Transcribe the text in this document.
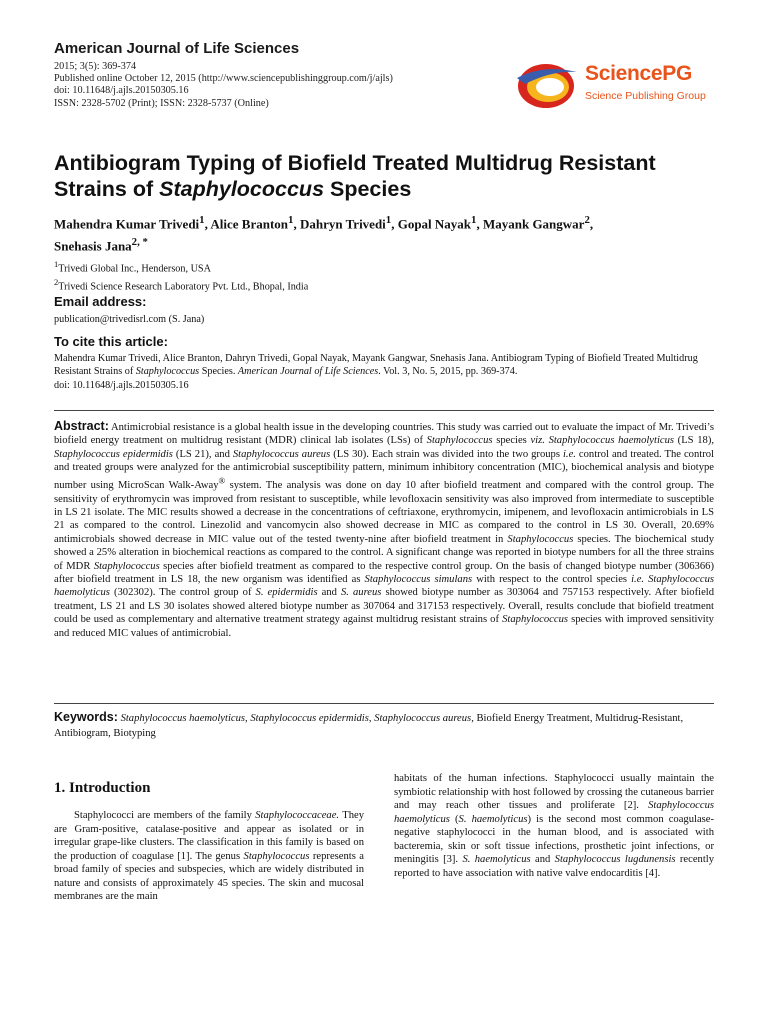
American Journal of Life Sciences
2015; 3(5): 369-374
Published online October 12, 2015 (http://www.sciencepublishinggroup.com/j/ajls)
doi: 10.11648/j.ajls.20150305.16
ISSN: 2328-5702 (Print); ISSN: 2328-5737 (Online)
SciencePG
Science Publishing Group
Antibiogram Typing of Biofield Treated Multidrug Resistant
Strains of Staphylococcus Species
Mahendra Kumar Trivedi$^1$, Alice Branton$^1$, Dahryn Trivedi$^1$, Gopal Nayak$^1$, Mayank Gangwar$^2$,
Snehasis Jana$^{2, *}$
$^1$Trivedi Global Inc., Henderson, USA
$^2$Trivedi Science Research Laboratory Pvt. Ltd., Bhopal, India
Email address:
publication@trivedisrl.com (S. Jana)
To cite this article:
Mahendra Kumar Trivedi, Alice Branton, Dahryn Trivedi, Gopal Nayak, Mayank Gangwar, Snehasis Jana. Antibiogram Typing of Biofield Treated Multidrug Resistant Strains of Staphylococcus Species. American Journal of Life Sciences. Vol. 3, No. 5, 2015, pp. 369-374.
doi: 10.11648/j.ajls.20150305.16
Abstract: Antimicrobial resistance is a global health issue in the developing countries. This study was carried out to evaluate the impact of Mr. Trivedi’s biofield energy treatment on multidrug resistant (MDR) clinical lab isolates (LSs) of Staphylococcus species viz. Staphylococcus haemolyticus (LS 18), Staphylococcus epidermidis (LS 21), and Staphylococcus aureus (LS 30). Each strain was divided into the two groups i.e. control and treated. The control and treated groups were analyzed for the antimicrobial susceptibility pattern, minimum inhibitory concentration (MIC), biochemical analysis and biotype number using MicroScan Walk-Away® system. The analysis was done on day 10 after biofield treatment and compared with the control group. The sensitivity of erythromycin was improved from resistant to susceptible, while levofloxacin sensitivity was also improved from intermediate to susceptible in LS 21 isolate. The MIC results showed a decrease in the concentrations of ceftriaxone, erythromycin, imipenem, and levofloxacin antimicrobials in LS 21 as compared to the control. Linezolid and vancomycin also showed decrease in MIC as compared to the control in LS 30. Overall, 20.69% antimicrobials showed decrease in MIC value out of the tested twenty-nine after biofield treatment in Staphylococcus species. The biochemical study showed a 25% alteration in biochemical reactions as compared to the control. A significant change was reported in biotype numbers for all the three strains of MDR Staphylococcus species after biofield treatment as compared to the respective control group. On the basis of changed biotype number (306366) after biofield treatment in LS 18, the new organism was identified as Staphylococcus simulans with respect to the control species i.e. Staphylococcus haemolyticus (302302). The control group of S. epidermidis and S. aureus showed biotype number as 303064 and 757153 respectively. After biofield treatment, LS 21 and LS 30 isolates showed altered biotype number as 307064 and 317153 respectively. Overall, results conclude that biofield treatment could be used as complementary and alternative treatment strategy against multidrug resistant strains of Staphylococcus species with improved sensitivity and reduced MIC values of antimicrobial.
Keywords: Staphylococcus haemolyticus, Staphylococcus epidermidis, Staphylococcus aureus, Biofield Energy Treatment, Multidrug-Resistant, Antibiogram, Biotyping
1. Introduction

Staphylococci are members of the family Staphylococcaceae. They are Gram-positive, catalase-positive and appear as isolated or in irregular grape-like clusters. The classification in this family is based on the production of coagulase [1]. The genus Staphylococcus represents a broad family of species and subspecies, which are widely distributed in nature and consists of approximately 45 species. The skin and mucosal membranes are the main

habitats of the human infections. Staphylococci usually maintain the symbiotic relationship with host followed by crossing the cutaneous barrier and may reach other tissues and proliferate [2]. Staphylococcus haemolyticus (S. haemolyticus) is the second most common coagulase-negative staphylococci in the human blood, and is associated with bacteremia, skin or soft tissue infections, prosthetic joint infections, or meningitis [3]. S. haemolyticus and Staphylococcus lugdunensis recently reported to have association with native valve endocarditis [4].
